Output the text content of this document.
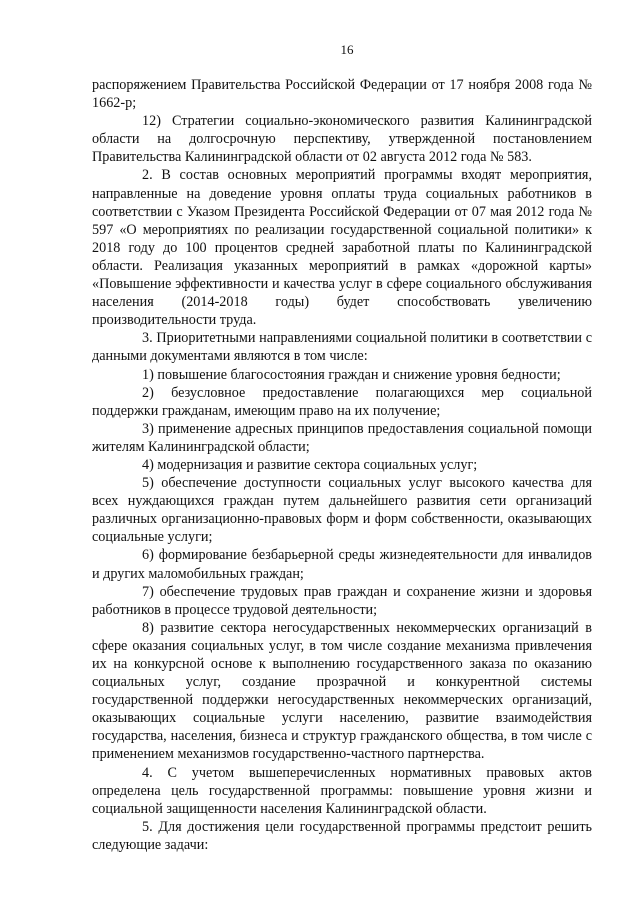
16

распоряжением Правительства Российской Федерации от 17 ноября 2008 года № 1662-р;

12) Стратегии социально-экономического развития Калининградской области на долгосрочную перспективу, утвержденной постановлением Правительства Калининградской области от 02 августа 2012 года № 583.

2. В состав основных мероприятий программы входят мероприятия, направленные на доведение уровня оплаты труда социальных работников в соответствии с Указом Президента Российской Федерации от 07 мая 2012 года № 597 «О мероприятиях по реализации государственной социальной политики» к 2018 году до 100 процентов средней заработной платы по Калининградской области. Реализация указанных мероприятий в рамках «дорожной карты» «Повышение эффективности и качества услуг в сфере социального обслуживания населения (2014-2018 годы) будет способствовать увеличению производительности труда.

3. Приоритетными направлениями социальной политики в соответствии с данными документами являются в том числе:

1) повышение благосостояния граждан и снижение уровня бедности;

2) безусловное предоставление полагающихся мер социальной поддержки гражданам, имеющим право на их получение;

3) применение адресных принципов предоставления социальной помощи жителям Калининградской области;

4) модернизация и развитие сектора социальных услуг;

5) обеспечение доступности социальных услуг высокого качества для всех нуждающихся граждан путем дальнейшего развития сети организаций различных организационно-правовых форм и форм собственности, оказывающих социальные услуги;

6) формирование безбарьерной среды жизнедеятельности для инвалидов и других маломобильных граждан;

7) обеспечение трудовых прав граждан и сохранение жизни и здоровья работников в процессе трудовой деятельности;

8) развитие сектора негосударственных некоммерческих организаций в сфере оказания социальных услуг, в том числе создание механизма привлечения их на конкурсной основе к выполнению государственного заказа по оказанию социальных услуг, создание прозрачной и конкурентной системы государственной поддержки негосударственных некоммерческих организаций, оказывающих социальные услуги населению, развитие взаимодействия государства, населения, бизнеса и структур гражданского общества, в том числе с применением механизмов государственно-частного партнерства.

4. С учетом вышеперечисленных нормативных правовых актов определена цель государственной программы: повышение уровня жизни и социальной защищенности населения Калининградской области.

5. Для достижения цели государственной программы предстоит решить следующие задачи:
